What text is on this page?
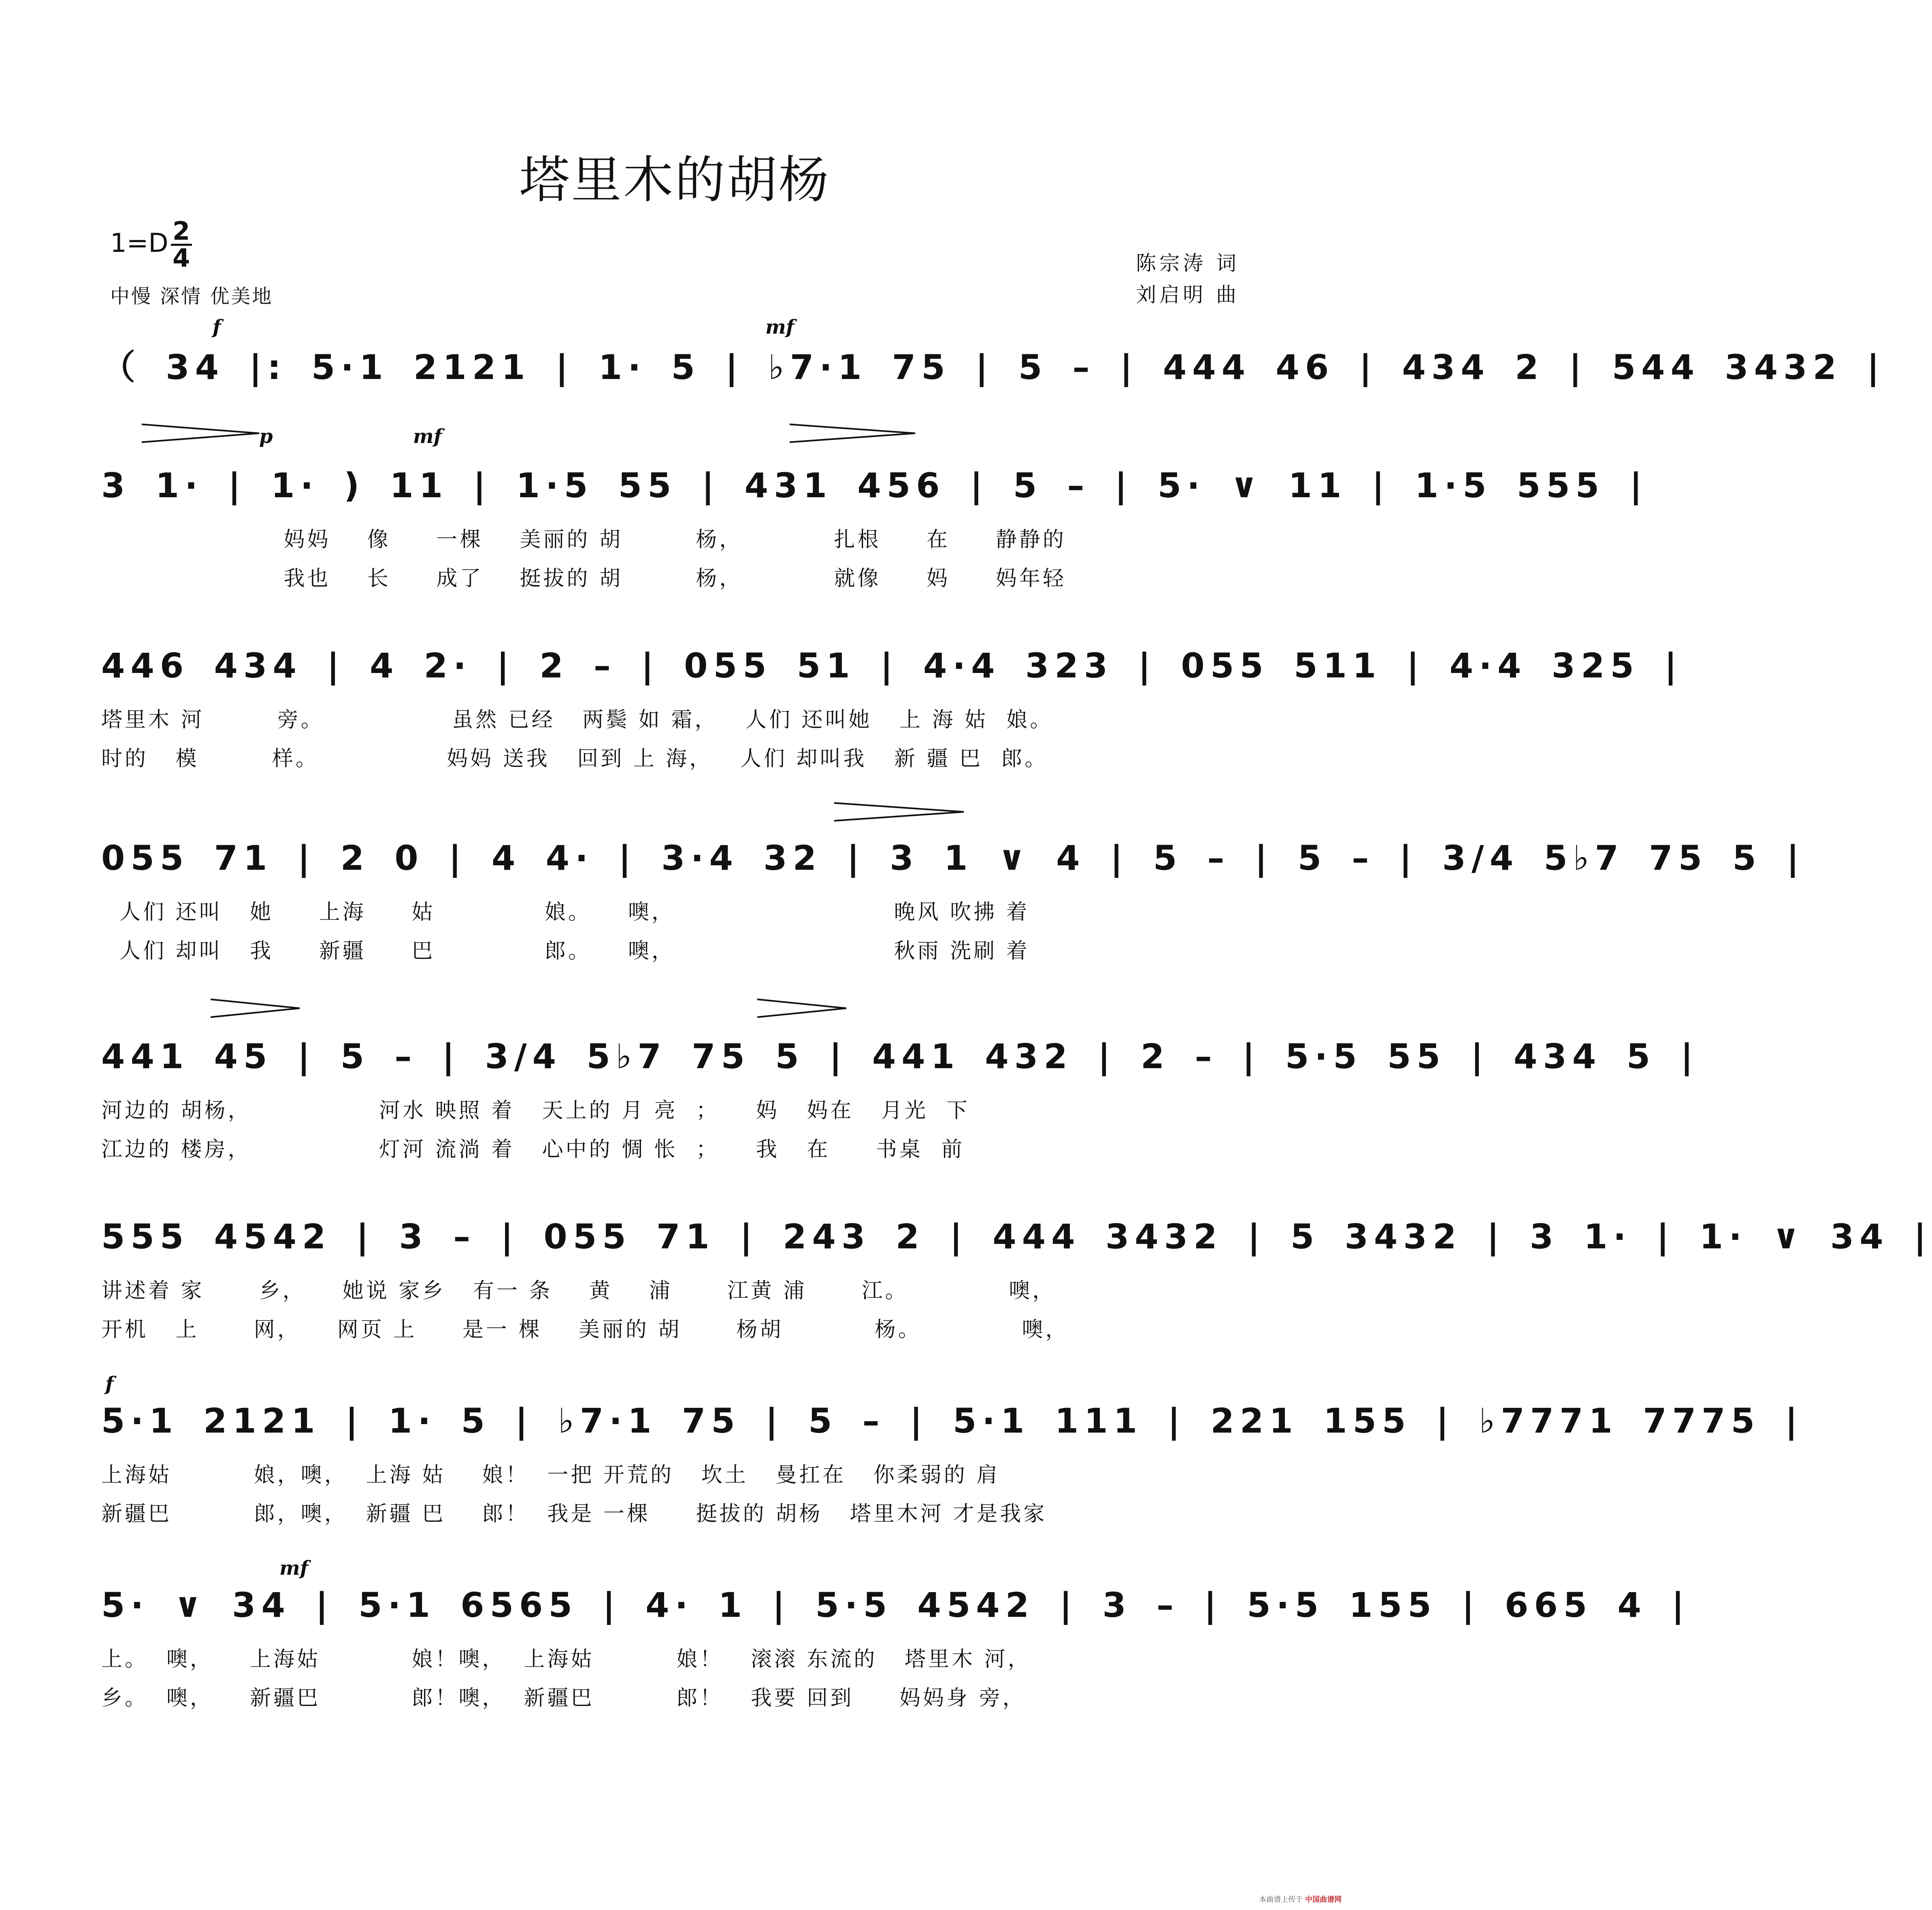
塔里木的胡杨
1=D 2
4
中慢 深情 优美地
陈宗涛 词
刘启明 曲
f	mf
（ 34 |: 5·1 2121 | 1· 5 | ♭7·1 75 | 5 – | 444 46 | 434 2 | 544 3432 |
p	mf
3 1· | 1· ) 11 | 1·5 55 | 431 456 | 5 – | 5· ∨ 11 | 1·5 555 |
妈妈    像     一棵    美丽的 胡        杨，          扎根     在     静静的
我也    长     成了    挺拔的 胡        杨，          就像     妈     妈年轻
446 434 | 4 2· | 2 – | 055 51 | 4·4 323 | 055 511 | 4·4 325 |
塔里木 河        旁。              虽然 已经   两鬓 如 霜，   人们 还叫她   上 海 姑  娘。
时的   模        样。              妈妈 送我   回到 上 海，   人们 却叫我   新 疆 巴  郎。
055 71 | 2 0 | 4 4· | 3·4 32 | 3 1 ∨ 4 | 5 – | 5 – | 3/4 5♭7 75 5 |
人们 还叫   她     上海     姑            娘。    噢，                        晚风 吹拂 着
人们 却叫   我     新疆     巴            郎。    噢，                        秋雨 洗刷 着
441 45 | 5 – | 3/4 5♭7 75 5 | 441 432 | 2 – | 5·5 55 | 434 5 |
河边的 胡杨，              河水 映照 着   天上的 月 亮  ；    妈   妈在   月光  下
江边的 楼房，              灯河 流淌 着   心中的 惆 怅  ；    我   在     书桌  前
555 4542 | 3 – | 055 71 | 243 2 | 444 3432 | 5 3432 | 3 1· | 1· ∨ 34 |
讲述着 家      乡，    她说 家乡   有一 条    黄    浦      江黄 浦      江。           噢，
开机   上      网，    网页 上     是一 棵    美丽的 胡      杨胡          杨。           噢，
f
5·1 2121 | 1· 5 | ♭7·1 75 | 5 – | 5·1 111 | 221 155 | ♭7771 7775 |
上海姑         娘，噢，  上海 姑    娘！  一把 开荒的   坎土   曼扛在   你柔弱的 肩
新疆巴         郎，噢，  新疆 巴    郎！  我是 一棵     挺拔的 胡杨   塔里木河 才是我家
mf
5· ∨ 34 | 5·1 6565 | 4· 1 | 5·5 4542 | 3 – | 5·5 155 | 665 4 |
上。  噢，    上海姑          娘！噢，  上海姑         娘！   滚滚 东流的   塔里木 河，
乡。  噢，    新疆巴          郎！噢，  新疆巴         郎！   我要 回到     妈妈身 旁，
本曲谱上传于 中国曲谱网
